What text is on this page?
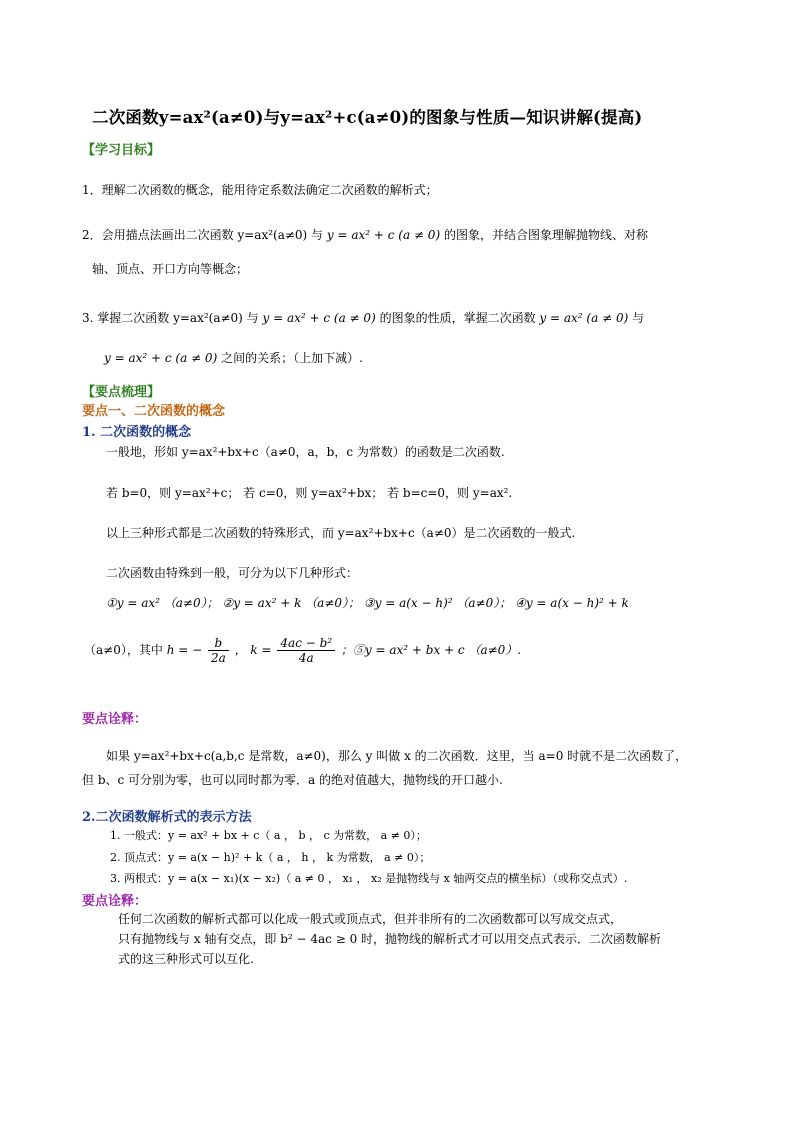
二次函数y=ax²(a≠0)与y=ax²+c(a≠0)的图象与性质—知识讲解(提高)
【学习目标】
1．理解二次函数的概念，能用待定系数法确定二次函数的解析式；
2．会用描点法画出二次函数 y=ax²(a≠0) 与 y = ax² + c (a ≠ 0) 的图象，并结合图象理解抛物线、对称
轴、顶点、开口方向等概念；
3. 掌握二次函数 y=ax²(a≠0) 与 y = ax² + c (a ≠ 0) 的图象的性质，掌握二次函数 y = ax² (a ≠ 0) 与
y = ax² + c (a ≠ 0) 之间的关系；（上加下减）.
【要点梳理】
要点一、二次函数的概念
1. 二次函数的概念
一般地，形如 y=ax²+bx+c（a≠0，a，b，c 为常数）的函数是二次函数.
若 b=0，则 y=ax²+c； 若 c=0，则 y=ax²+bx； 若 b=c=0，则 y=ax².
以上三种形式都是二次函数的特殊形式，而 y=ax²+bx+c（a≠0）是二次函数的一般式.
二次函数由特殊到一般，可分为以下几种形式：
①y = ax² （a≠0）； ②y = ax² + k （a≠0）； ③y = a(x − h)² （a≠0）； ④y = a(x − h)² + k
（a≠0），其中 h = − $\frac{b}{2a}$ ， $k = \frac{\text{4ac − b²}}{4a}$ ；⑤y = ax² + bx + c （a≠0）.
要点诠释：
如果 y=ax²+bx+c(a,b,c 是常数，a≠0)，那么 y 叫做 x 的二次函数．这里，当 a=0 时就不是二次函数了，
但 b、c 可分别为零，也可以同时都为零．a 的绝对值越大，抛物线的开口越小.
2.二次函数解析式的表示方法
1. 一般式：y = ax² + bx + c（ a ， b ， c 为常数， a ≠ 0）；
2. 顶点式：y = a(x − h)² + k（ a ， h ， k 为常数， a ≠ 0）；
3. 两根式：y = a(x − x₁)(x − x₂)（ a ≠ 0 ， x₁ ， x₂ 是抛物线与 x 轴两交点的横坐标）（或称交点式）.
要点诠释：
任何二次函数的解析式都可以化成一般式或顶点式，但并非所有的二次函数都可以写成交点式，
只有抛物线与 x 轴有交点，即 b² − 4ac ≥ 0 时，抛物线的解析式才可以用交点式表示．二次函数解析
式的这三种形式可以互化.
